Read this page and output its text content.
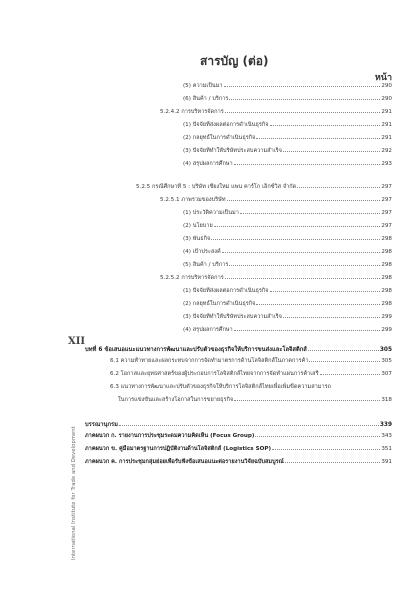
XII
International Institute for Trade and Development
สารบัญ (ต่อ)
หน้า
(5) ความเป็นมา	290
(6) สินค้า / บริการ	290
5.2.4.2 การบริหารจัดการ	291
(1) ปัจจัยที่ส่งผลต่อการดำเนินธุรกิจ	291
(2) กลยุทธ์ในการดำเนินธุรกิจ	291
(3) ปัจจัยที่ทำให้บริษัทประสบความสำเร็จ	292
(4) สรุปผลการศึกษา	293
5.2.5 กรณีศึกษาที่ 5 : บริษัท เชียงใหม่ แพน คาร์โก เอ็กซ์วิส จำกัด	297
5.2.5.1 ภาพรวมของบริษัท	297
(1) ประวัติความเป็นมา	297
(2) นโยบาย	297
(3) พันธกิจ	298
(4) เป้าประสงค์	298
(5) สินค้า / บริการ	298
5.2.5.2 การบริหารจัดการ	298
(1) ปัจจัยที่ส่งผลต่อการดำเนินธุรกิจ	298
(2) กลยุทธ์ในการดำเนินธุรกิจ	298
(3) ปัจจัยที่ทำให้บริษัทประสบความสำเร็จ	299
(4) สรุปผลการศึกษา	299
บทที่ 6 ข้อเสนอแนะแนวทางการพัฒนาและปรับตัวของธุรกิจให้บริการขนส่งและโลจิสติกส์	305
6.1 ความท้าทายและผลกระทบจากการจัดทำมาตรการด้านโลจิสติกส์ในภาคการค้า	305
6.2 โอกาสและยุทธศาสตร์ของผู้ประกอบการโลจิสติกส์ไทยจากการจัดทำแผนการค้าเสรี	307
6.3 แนวทางการพัฒนาและปรับตัวของธุรกิจให้บริการโลจิสติกส์ไทยเพื่อเพิ่มขีดความสามารถ
ในการแข่งขันและสร้างโอกาสในการขยายธุรกิจ	318
บรรณานุกรม	339
ภาคผนวก ก. รายงานการประชุมระดมความคิดเห็น (Focus Group)	343
ภาคผนวก ข. คู่มือมาตรฐานการปฏิบัติงานด้านโลจิสติกส์ (Logistics SOP)	351
ภาคผนวก ค. การประชุมกลุ่มย่อยเพื่อรับฟังข้อเสนอแนะต่อรายงานวิจัยฉบับสมบูรณ์	391
